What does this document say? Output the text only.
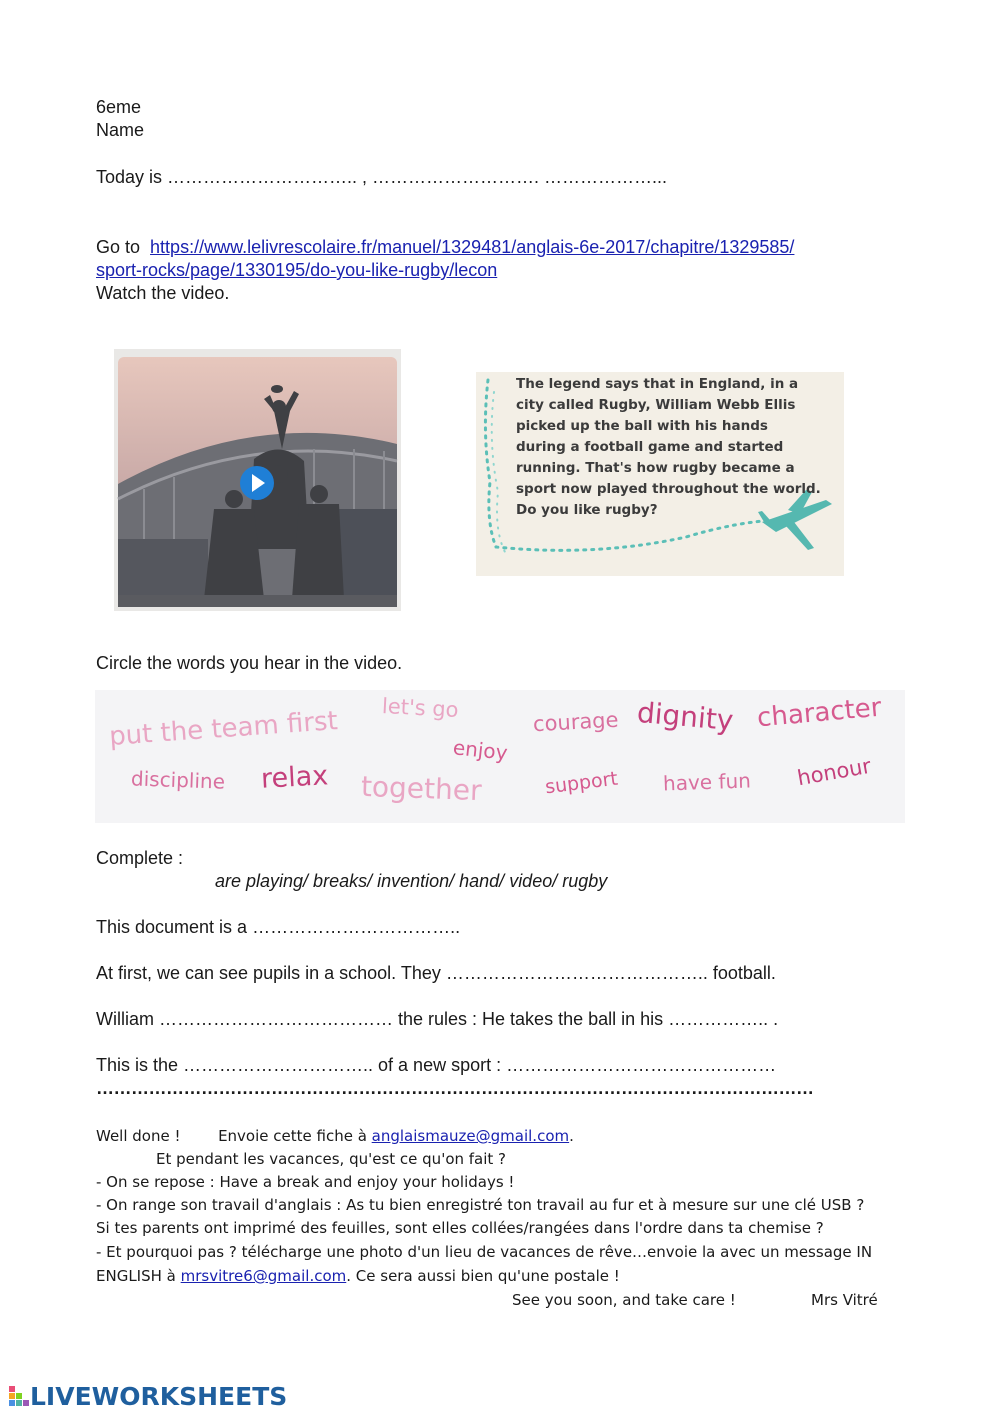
6eme
Name
Today is ………………………….. , ………………………. ………………...
Go to https://www.lelivrescolaire.fr/manuel/1329481/anglais-6e-2017/chapitre/1329585/
sport-rocks/page/1330195/do-you-like-rugby/lecon
Watch the video.
The legend says that in England, in a
city called Rugby, William Webb Ellis
picked up the ball with his hands
during a football game and started
running. That's how rugby became a
sport now played throughout the world.
Do you like rugby?
Circle the words you hear in the video.
put the team first let's go
enjoy
courage dignity character
discipline relax together	support have fun honour
Complete :
are playing/ breaks/ invention/ hand/ video/ rugby
This document is a ……………………………..
At first, we can see pupils in a school. They …………………………………….. football.
William ………………………………… the rules : He takes the ball in his …………….. .
This is the ………………………….. of a new sport : ………………………………………
……………………………………………………………………………………………………………
Well done !	Envoie cette fiche à anglaismauze@gmail.com.
Et pendant les vacances, qu'est ce qu'on fait ?
- On se repose : Have a break and enjoy your holidays !
- On range son travail d'anglais : As tu bien enregistré ton travail au fur et à mesure sur une clé USB ?
Si tes parents ont imprimé des feuilles, sont elles collées/rangées dans l'ordre dans ta chemise ?
- Et pourquoi pas ? télécharge une photo d'un lieu de vacances de rêve…envoie la avec un message IN
ENGLISH à mrsvitre6@gmail.com. Ce sera aussi bien qu'une postale !
See you soon, and take care !	Mrs Vitré
LIVEWORKSHEETS
